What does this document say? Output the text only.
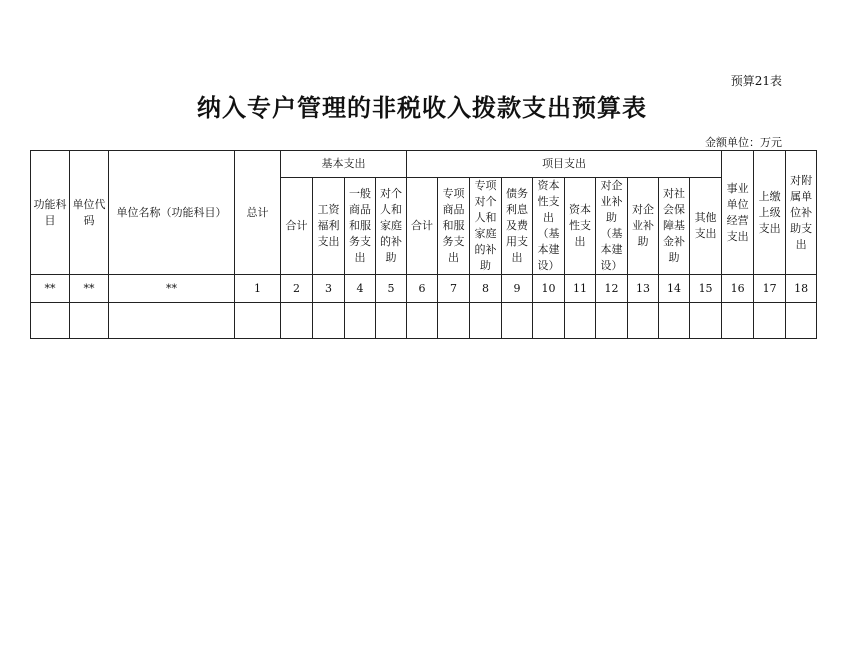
预算21表
纳入专户管理的非税收入拨款支出预算表
金额单位：万元
功能科目	单位代码	单位名称（功能科目）	总计	基本支出				项目支出										事业单位经营支出	上缴上级支出	对附属单位补助支出
				合计	工资福利支出	一般商品和服务支出	对个人和家庭的补助	合计	专项商品和服务支出	专项对个人和家庭的补助	债务利息及费用支出	资本性支出（基本建设）	资本性支出	对企业补助（基本建设）	对企业补助	对社会保障基金补助	其他支出			
**	**	**	1	2	3	4	5	6	7	8	9	10	11	12	13	14	15	16	17	18
